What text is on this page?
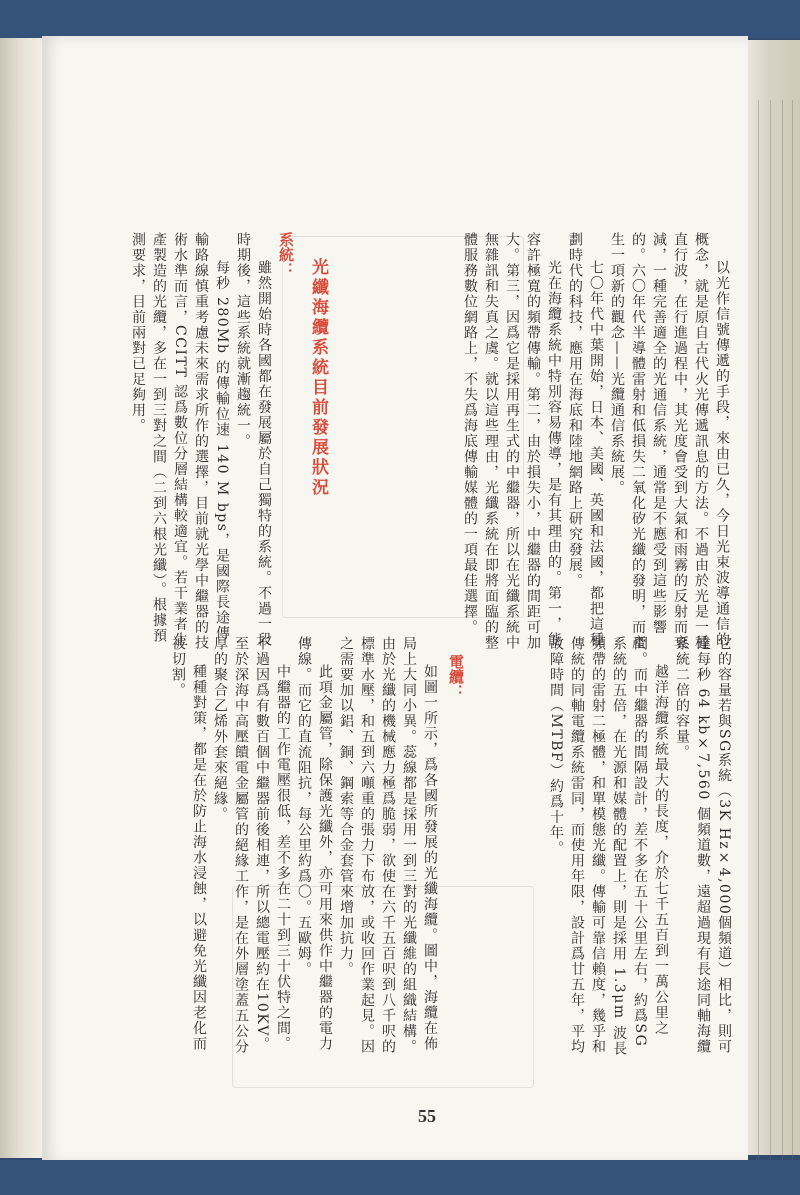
以光作信號傳遞的手段，來由已久，今日光束波導通信的概念，就是原自古代火光傳遞訊息的方法。不過由於光是一種直行波，在行進過程中，其光度會受到大氣和雨霧的反射而衰減，一種完善適全的光通信系統，通常是不應受到這些影響的。六〇年代半導體雷射和低損失二氧化矽光纖的發明，而產生一項新的觀念——光纜通信系統展。

七〇年代中葉開始，日本、美國、英國和法國，都把這種劃時代的科技，應用在海底和陸地網路上研究發展。

光在海纜系統中特別容易傳導，是有其理由的。第一，能容許極寬的頻帶傳輸。第二，由於損失小，中繼器的間距可加大。第三，因爲它是採用再生式的中繼器，所以在光纖系統中無雜訊和失真之虞。就以這些理由，光纖系統在即將面臨的整體服務數位網路上，不失爲海底傳輸媒體的一項最佳選擇。

光纖海纜系統目前發展狀況
系統：

雖然開始時各國都在發展屬於自己獨特的系統。不過一段時期後，這些系統就漸趨統一。

每秒 280Mb 的傳輸位速 140 M bps，是國際長途傳輸路線慎重考慮未來需求所作的選擇，目前就光學中繼器的技術水準而言，CCITT 認爲數位分層結構較適宜。若干業者生產製造的光纜，多在一到三對之間（二到六根光纖）。根據預測要求，目前兩對已足夠用。

它的容量若與SG系統（3K Hz×4,000個頻道）相比，則可達每秒 64 kb×7,560 個頻道數，遠超過現有長途同軸海纜系統二倍的容量。

越洋海纜系統最大的長度，介於七千五百到一萬公里之間。而中繼器的間隔設計，差不多在五十公里左右，約爲SG系統的五倍，在光源和媒體的配置上，則是採用 1.3μm 波長頻帶的雷射二極體，和單模態光纖。傳輸可靠信賴度，幾乎和傳統的同軸電纜系統雷同，而使用年限，設計爲廿五年，平均故障時間（MTBF）約爲十年。

電纜：

如圖一所示，爲各國所發展的光纖海纜。圖中，海纜在佈局上大同小異。蕊線都是採用一到三對的光纖維的組織結構。由於光纖的機械應力極爲脆弱，欲使在六千五百呎到八千呎的標準水壓，和五到六噸重的張力下布放，或收回作業起見。因之需要加以鋁、銅、鋼索等合金套管來增加抗力。

此項金屬管，除保護光纖外，亦可用來供作中繼器的電力傳線。而它的直流阻抗，每公里約爲〇。五歐姆。

中繼器的工作電壓很低，差不多在二十到三十伏特之間。不過因爲有數百個中繼器前後相連，所以總電壓約在10KV。至於深海中高壓饋電金屬管的絕緣工作，是在外層塗蓋五公分厚的聚合乙烯外套來絕緣。

種種對策，都是在於防止海水浸蝕，以避免光纖因老化而被切割。

55
